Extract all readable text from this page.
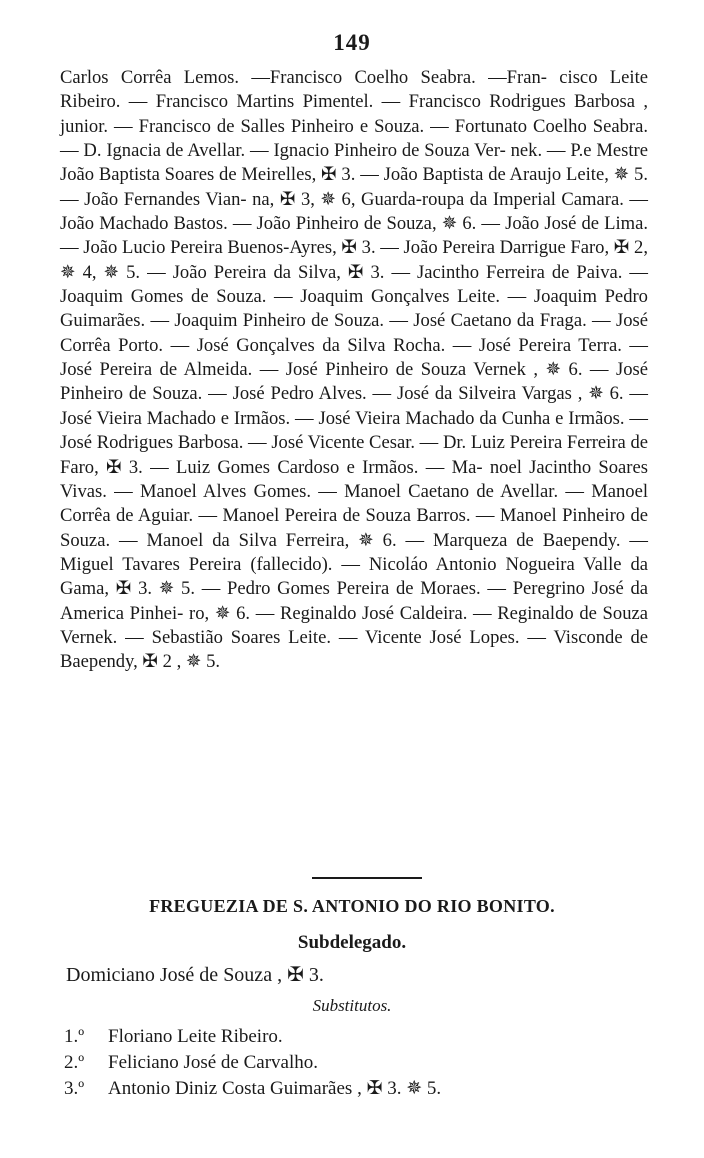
149
Carlos Corrêa Lemos. —Francisco Coelho Seabra. —Fran- cisco Leite Ribeiro. — Francisco Martins Pimentel. — Francisco Rodrigues Barbosa , junior. — Francisco de Salles Pinheiro e Souza. — Fortunato Coelho Seabra. — D. Ignacia de Avellar. — Ignacio Pinheiro de Souza Ver- nek. — P.e Mestre João Baptista Soares de Meirelles, ✠ 3. — João Baptista de Araujo Leite, ✵ 5. — João Fernandes Vian- na, ✠ 3, ✵ 6, Guarda-roupa da Imperial Camara. —João Machado Bastos. — João Pinheiro de Souza, ✵ 6. — João José de Lima. — João Lucio Pereira Buenos-Ayres, ✠ 3. — João Pereira Darrigue Faro, ✠ 2, ✵ 4, ✵ 5. — João Pereira da Silva, ✠ 3. — Jacintho Ferreira de Paiva. — Joaquim Gomes de Souza. — Joaquim Gonçalves Leite. — Joaquim Pedro Guimarães. — Joaquim Pinheiro de Souza. — José Caetano da Fraga. — José Corrêa Porto. — José Gonçalves da Silva Rocha. — José Pereira Terra. — José Pereira de Almeida. — José Pinheiro de Souza Vernek , ✵ 6. — José Pinheiro de Souza. — José Pedro Alves. — José da Silveira Vargas , ✵ 6. — José Vieira Machado e Irmãos. — José Vieira Machado da Cunha e Irmãos. — José Rodrigues Barbosa. — José Vicente Cesar. — Dr. Luiz Pereira Ferreira de Faro, ✠ 3. — Luiz Gomes Cardoso e Irmãos. — Ma- noel Jacintho Soares Vivas. — Manoel Alves Gomes. — Manoel Caetano de Avellar. — Manoel Corrêa de Aguiar. — Manoel Pereira de Souza Barros. — Manoel Pinheiro de Souza. — Manoel da Silva Ferreira, ✵ 6. — Marqueza de Baependy. — Miguel Tavares Pereira (fallecido). — Nicoláo Antonio Nogueira Valle da Gama, ✠ 3. ✵ 5. — Pedro Gomes Pereira de Moraes. — Peregrino José da America Pinhei- ro, ✵ 6. — Reginaldo José Caldeira. — Reginaldo de Souza Vernek. — Sebastião Soares Leite. — Vicente José Lopes. — Visconde de Baependy, ✠ 2 , ✵ 5.
FREGUEZIA DE S. ANTONIO DO RIO BONITO.
Subdelegado.
Domiciano José de Souza , ✠ 3.
Substitutos.
1.º Floriano Leite Ribeiro.
2.º Feliciano José de Carvalho.
3.º Antonio Diniz Costa Guimarães , ✠ 3. ✵ 5.
